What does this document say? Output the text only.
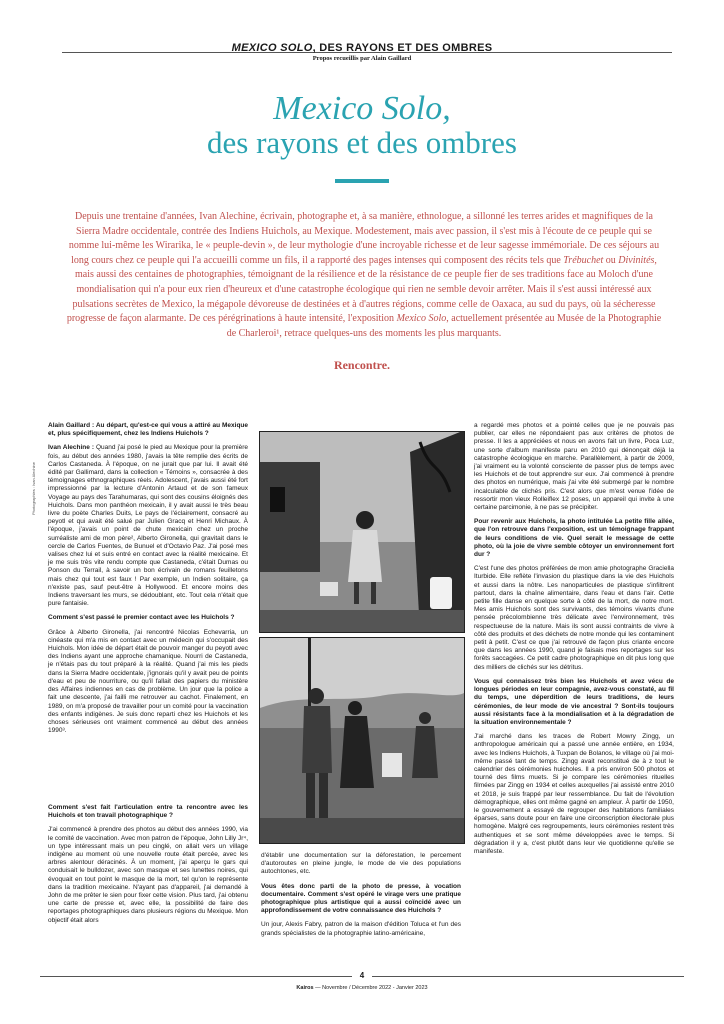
MEXICO SOLO, DES RAYONS ET DES OMBRES
Propos recueillis par Alain Gaillard
Mexico Solo,
des rayons et des ombres
Depuis une trentaine d'années, Ivan Alechine, écrivain, photographe et, à sa manière, ethnologue, a sillonné les terres arides et magnifiques de la Sierra Madre occidentale, contrée des Indiens Huichols, au Mexique. Modestement, mais avec passion, il s'est mis à l'écoute de ce peuple qui se nomme lui-même les Wirarika, le « peuple-devin », de leur mythologie d'une incroyable richesse et de leur sagesse immémoriale. De ces séjours au long cours chez ce peuple qui l'a accueilli comme un fils, il a rapporté des pages intenses qui composent des récits tels que Trébuchet ou Divinités, mais aussi des centaines de photographies, témoignant de la résilience et de la résistance de ce peuple fier de ses traditions face au Moloch d'une mondialisation qui n'a pour eux rien d'heureux et d'une catastrophe écologique qui rien ne semble devoir arrêter. Mais il s'est aussi intéressé aux pulsations secrètes de Mexico, la mégapole dévoreuse de destinées et à d'autres régions, comme celle de Oaxaca, au sud du pays, où la sécheresse progresse de façon alarmante. De ces pérégrinations à haute intensité, l'exposition Mexico Solo, actuellement présentée au Musée de la Photographie de Charleroi¹, retrace quelques-uns des moments les plus marquants.
Rencontre.
Photographies : Ivan Alechine

Alain Gaillard : Au départ, qu'est-ce qui vous a attiré au Mexique et, plus spécifiquement, chez les Indiens Huichols ?

Ivan Alechine : Quand j'ai posé le pied au Mexique pour la première fois, au début des années 1980, j'avais la tête remplie des écrits de Carlos Castaneda. À l'époque, on ne jurait que par lui. Il avait été édité par Gallimard, dans la collection « Témoins », consacrée à des témoignages ethnographiques réels. Adolescent, j'avais aussi été fort impressionné par la lecture d'Antonin Artaud et de son fameux Voyage au pays des Tarahumaras, qui sont des cousins éloignés des Huichols. Dans mon panthéon mexicain, il y avait aussi le très beau livre du poète Charles Duits, Le pays de l'éclairement, consacré au peyotl et qui avait été salué par Julien Gracq et Henri Michaux. À l'époque, j'avais un point de chute mexicain chez un proche surréaliste ami de mon père², Alberto Gironella, qui gravitait dans le cercle de Carlos Fuentes, de Bunuel et d'Octavio Paz. J'ai posé mes valises chez lui et suis entré en contact avec la réalité mexicaine. Et je me suis très vite rendu compte que Castaneda, c'était Dumas ou Ponson du Terrail, à savoir un bon écrivain de romans feuilletons mais chez qui tout est faux ! Par exemple, un Indien solitaire, ça n'existe pas, sauf peut-être à Hollywood. Et encore moins des Indiens traversant les murs, se dédoublant, etc. Tout cela n'était que pure fantaisie.

Comment s'est passé le premier contact avec les Huichols ?

Grâce à Alberto Gironella, j'ai rencontré Nicolas Echevarria, un cinéaste qui m'a mis en contact avec un médecin qui s'occupait des Huichols. Mon idée de départ était de pouvoir manger du peyotl avec des Indiens ayant une approche chamanique. Nourri de Castaneda, je n'étais pas du tout préparé à la réalité. Quand j'ai mis les pieds dans la Sierra Madre occidentale, j'ignorais qu'il y avait peu de points d'eau et peu de nourriture, ou qu'il fallait des papiers du ministère des Affaires indiennes en cas de problème. Un jour que la police a fait une descente, j'ai failli me retrouver au cachot. Finalement, en 1989, on m'a proposé de travailler pour un comité pour la vaccination des enfants indigènes. Je suis donc reparti chez les Huichols et les choses sérieuses ont vraiment commencé au début des années 1990³.

d'établir une documentation sur la déforestation, le percement d'autoroutes en pleine jungle, le mode de vie des populations autochtones, etc.

Vous êtes donc parti de la photo de presse, à vocation documentaire. Comment s'est opéré le virage vers une pratique photographique plus artistique qui a aussi coïncidé avec un approfondissement de votre connaissance des Huichols ?

Un jour, Alexis Fabry, patron de la maison d'édition Toluca et l'un des grands spécialistes de la photographie latino-américaine,

a regardé mes photos et a pointé celles que je ne pouvais pas publier, car elles ne répondaient pas aux critères de photos de presse. Il les a appréciées et nous en avons fait un livre, Poca Luz, une sorte d'album manifeste paru en 2010 qui dénonçait déjà la catastrophe écologique en marche. Parallèlement, à partir de 2009, j'ai vraiment eu la volonté consciente de passer plus de temps avec les Huichols et de tout apprendre sur eux. J'ai commencé à prendre des photos en numérique, mais j'ai vite été submergé par le nombre incalculable de clichés pris. C'est alors que m'est venue l'idée de ressortir mon vieux Rolleiflex 12 poses, un appareil qui invite à une certaine parcimonie, à ne pas se précipiter.

Pour revenir aux Huichols, la photo intitulée La petite fille ailée, que l'on retrouve dans l'exposition, est un témoignage frappant de leurs conditions de vie. Quel serait le message de cette photo, où la joie de vivre semble côtoyer un environnement fort dur ?

C'est l'une des photos préférées de mon amie photographe Graciella Iturbide. Elle reflète l'invasion du plastique dans la vie des Huichols et aussi dans la nôtre. Les nanoparticules de plastique s'infiltrent partout, dans la chaîne alimentaire, dans l'eau et dans l'air. Cette petite fille danse en quelque sorte à côté de la mort, de notre mort. Mes amis Huichols sont des survivants, des témoins vivants d'une pensée précolombienne très délicate avec l'environnement, très respectueuse de la nature. Mais ils sont aussi contraints de vivre à côté des produits et des déchets de notre monde qui les contaminent petit à petit. C'est ce que j'ai retrouvé de façon plus criante encore que dans les années 1990, quand je faisais mes reportages sur les forêts saccagées. Ce petit cadre photographique en dit plus long que des milliers de clichés sur les détritus.

Vous qui connaissez très bien les Huichols et avez vécu de longues périodes en leur compagnie, avez-vous constaté, au fil du temps, une déperdition de leurs traditions, de leurs cérémonies, de leur mode de vie ancestral ? Sont-ils toujours aussi résistants face à la mondialisation et à la dégradation de la situation environnementale ?

J'ai marché dans les traces de Robert Mowry Zingg, un anthropologue américain qui a passé une année entière, en 1934, avec les Indiens Huichols, à Tuxpan de Bolanos, le village où j'ai moi-même passé tant de temps. Zingg avait reconstitué de à z tout le calendrier des cérémonies huicholes. Il a pris environ 500 photos et tourné des films muets. Si je compare les cérémonies rituelles filmées par Zingg en 1934 et celles auxquelles j'ai assisté entre 2010 et 2018, je suis frappé par leur ressemblance. Du fait de l'évolution démographique, elles ont même gagné en ampleur. À partir de 1950, le gouvernement a essayé de regrouper des habitations familiales éparses, sans doute pour en faire une circonscription électorale plus homogène. Malgré ces regroupements, leurs cérémonies restent très authentiques et se sont même développées avec le temps. Si dégradation il y a, c'est plutôt dans leur vie quotidienne qu'elle se manifeste.

Comment s'est fait l'articulation entre ta rencontre avec les Huichols et ton travail photographique ?

J'ai commencé à prendre des photos au début des années 1990, via le comité de vaccination. Avec mon patron de l'époque, John Lilly Jr⁴, un type intéressant mais un peu cinglé, on allait vers un village indigène au moment où une nouvelle route était percée, avec les arbres alentour déracinés. À un moment, j'ai aperçu le gars qui conduisait le bulldozer, avec son masque et ses lunettes noires, qui évoquait en tout point le masque de la mort, tel qu'on le représente dans la tradition mexicaine. N'ayant pas d'appareil, j'ai demandé à John de me prêter le sien pour fixer cette vision. Plus tard, j'ai obtenu une carte de presse et, avec elle, la possibilité de faire des reportages photographiques dans plusieurs régions du Mexique. Mon objectif était alors

4
Kairos — Novembre / Décembre 2022 - Janvier 2023
